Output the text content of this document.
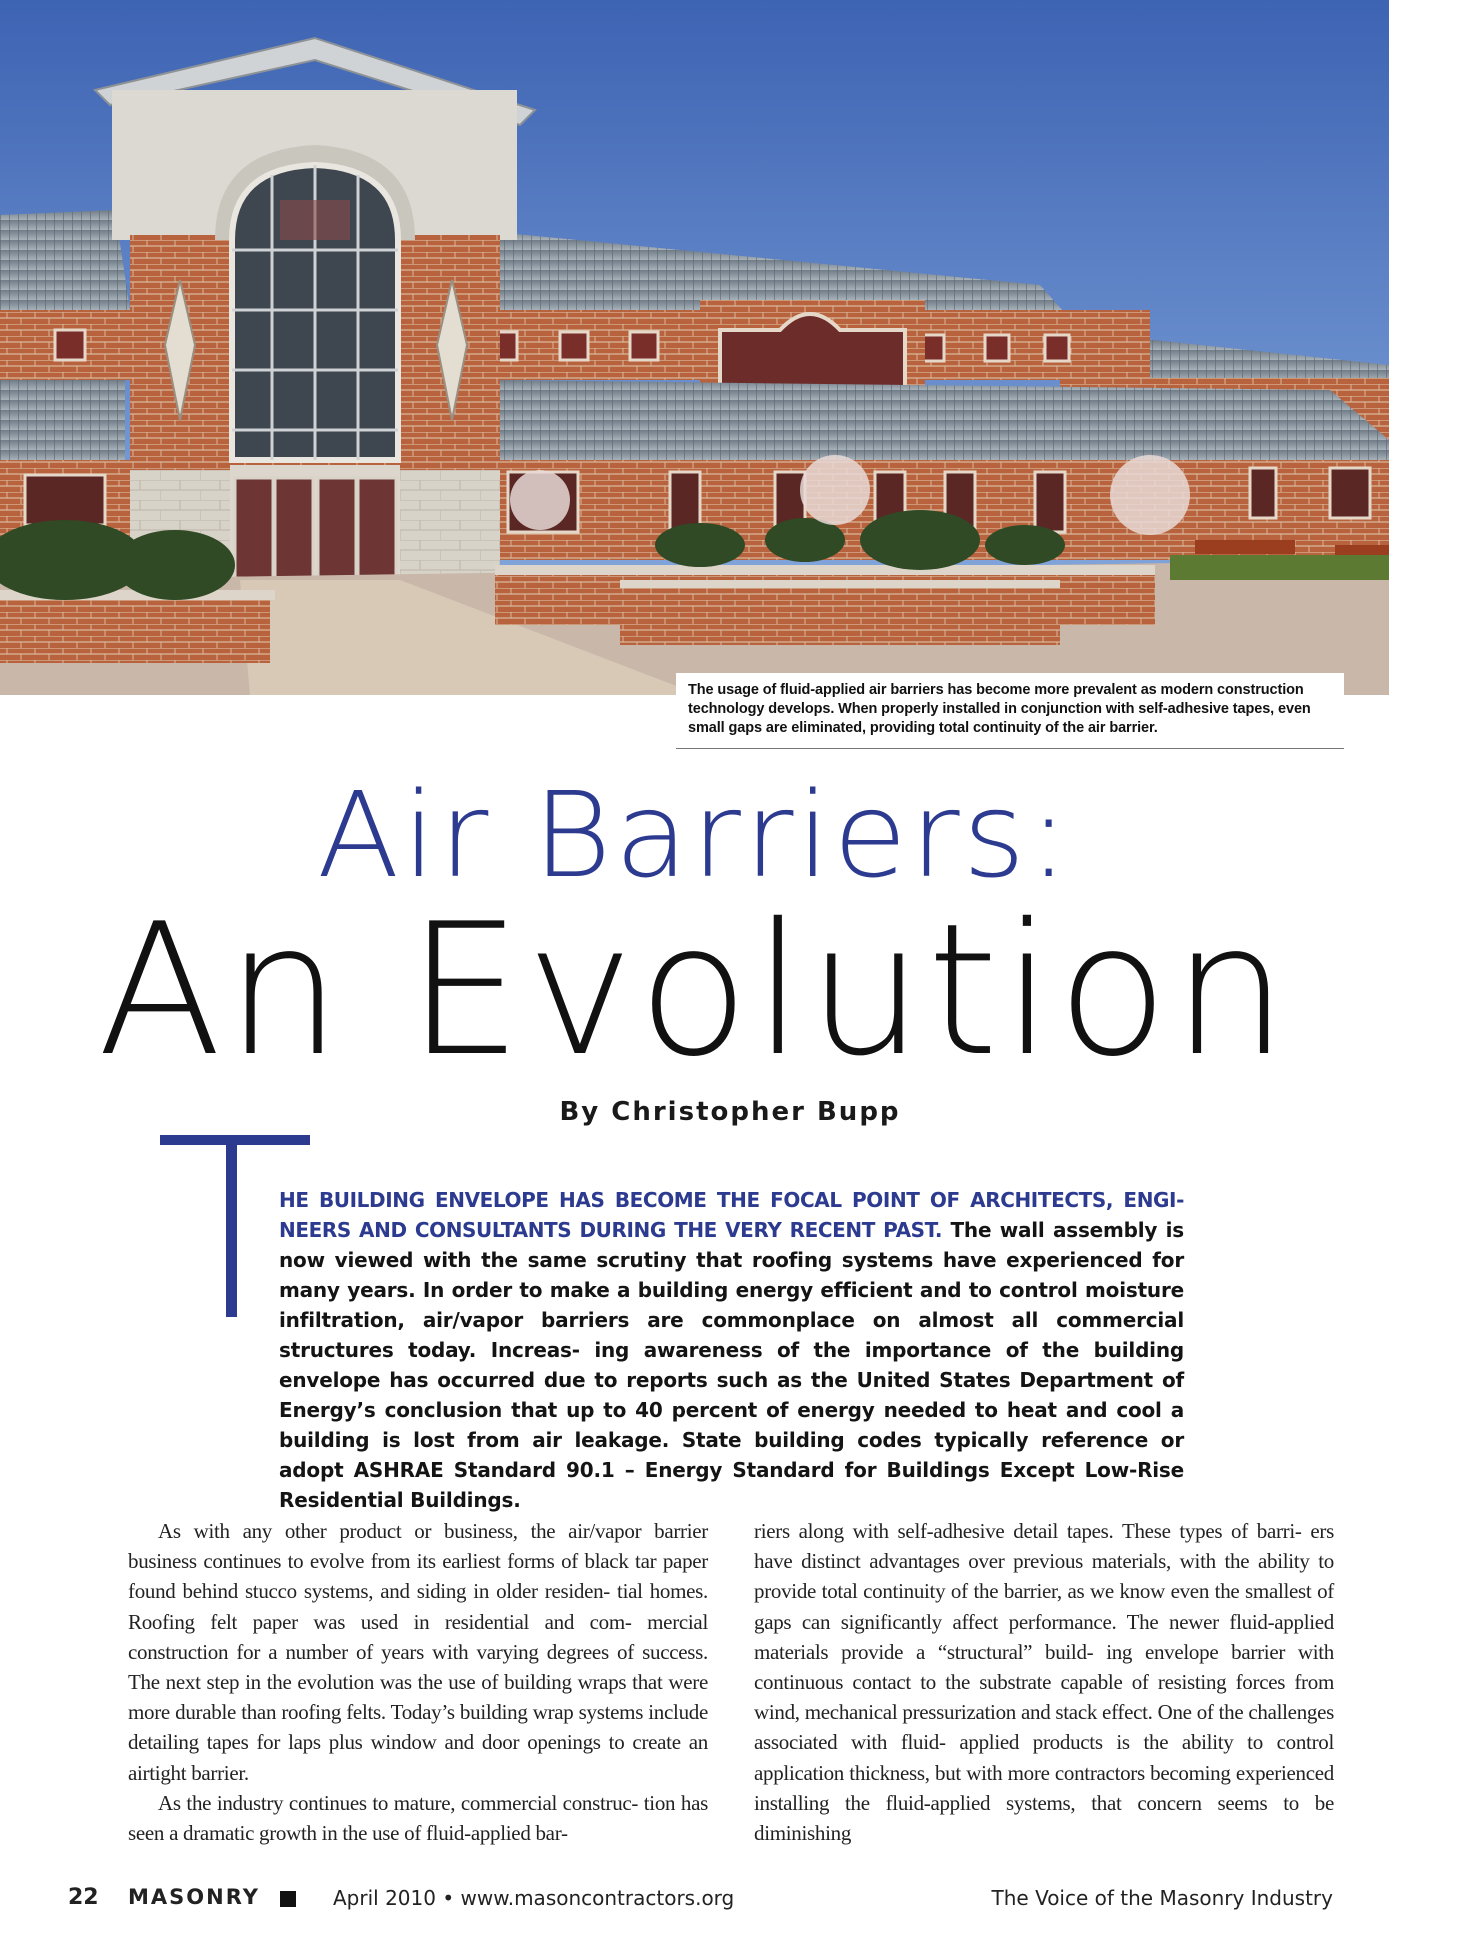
The usage of fluid-applied air barriers has become more prevalent as modern construction technology develops. When properly installed in conjunction with self-adhesive tapes, even small gaps are eliminated, providing total continuity of the air barrier.
Air Barriers:
An Evolution
By Christopher Bupp
HE BUILDING ENVELOPE HAS BECOME THE FOCAL POINT OF ARCHITECTS, ENGI- NEERS AND CONSULTANTS DURING THE VERY RECENT PAST. The wall assembly is now viewed with the same scrutiny that roofing systems have experienced for many years. In order to make a building energy efficient and to control moisture infiltration, air/vapor barriers are commonplace on almost all commercial structures today. Increas- ing awareness of the importance of the building envelope has occurred due to reports such as the United States Department of Energy’s conclusion that up to 40 percent of energy needed to heat and cool a building is lost from air leakage. State building codes typically reference or adopt ASHRAE Standard 90.1 – Energy Standard for Buildings Except Low-Rise Residential Buildings.

As with any other product or business, the air/vapor barrier business continues to evolve from its earliest forms of black tar paper found behind stucco systems, and siding in older residen- tial homes. Roofing felt paper was used in residential and com- mercial construction for a number of years with varying degrees of success. The next step in the evolution was the use of building wraps that were more durable than roofing felts. Today’s building wrap systems include detailing tapes for laps plus window and door openings to create an airtight barrier.

As the industry continues to mature, commercial construc- tion has seen a dramatic growth in the use of fluid-applied bar-

riers along with self-adhesive detail tapes. These types of barri- ers have distinct advantages over previous materials, with the ability to provide total continuity of the barrier, as we know even the smallest of gaps can significantly affect performance. The newer fluid-applied materials provide a “structural” build- ing envelope barrier with continuous contact to the substrate capable of resisting forces from wind, mechanical pressurization and stack effect. One of the challenges associated with fluid- applied products is the ability to control application thickness, but with more contractors becoming experienced installing the fluid-applied systems, that concern seems to be diminishing

22 MASONRY	April 2010 • www.masoncontractors.org	The Voice of the Masonry Industry
